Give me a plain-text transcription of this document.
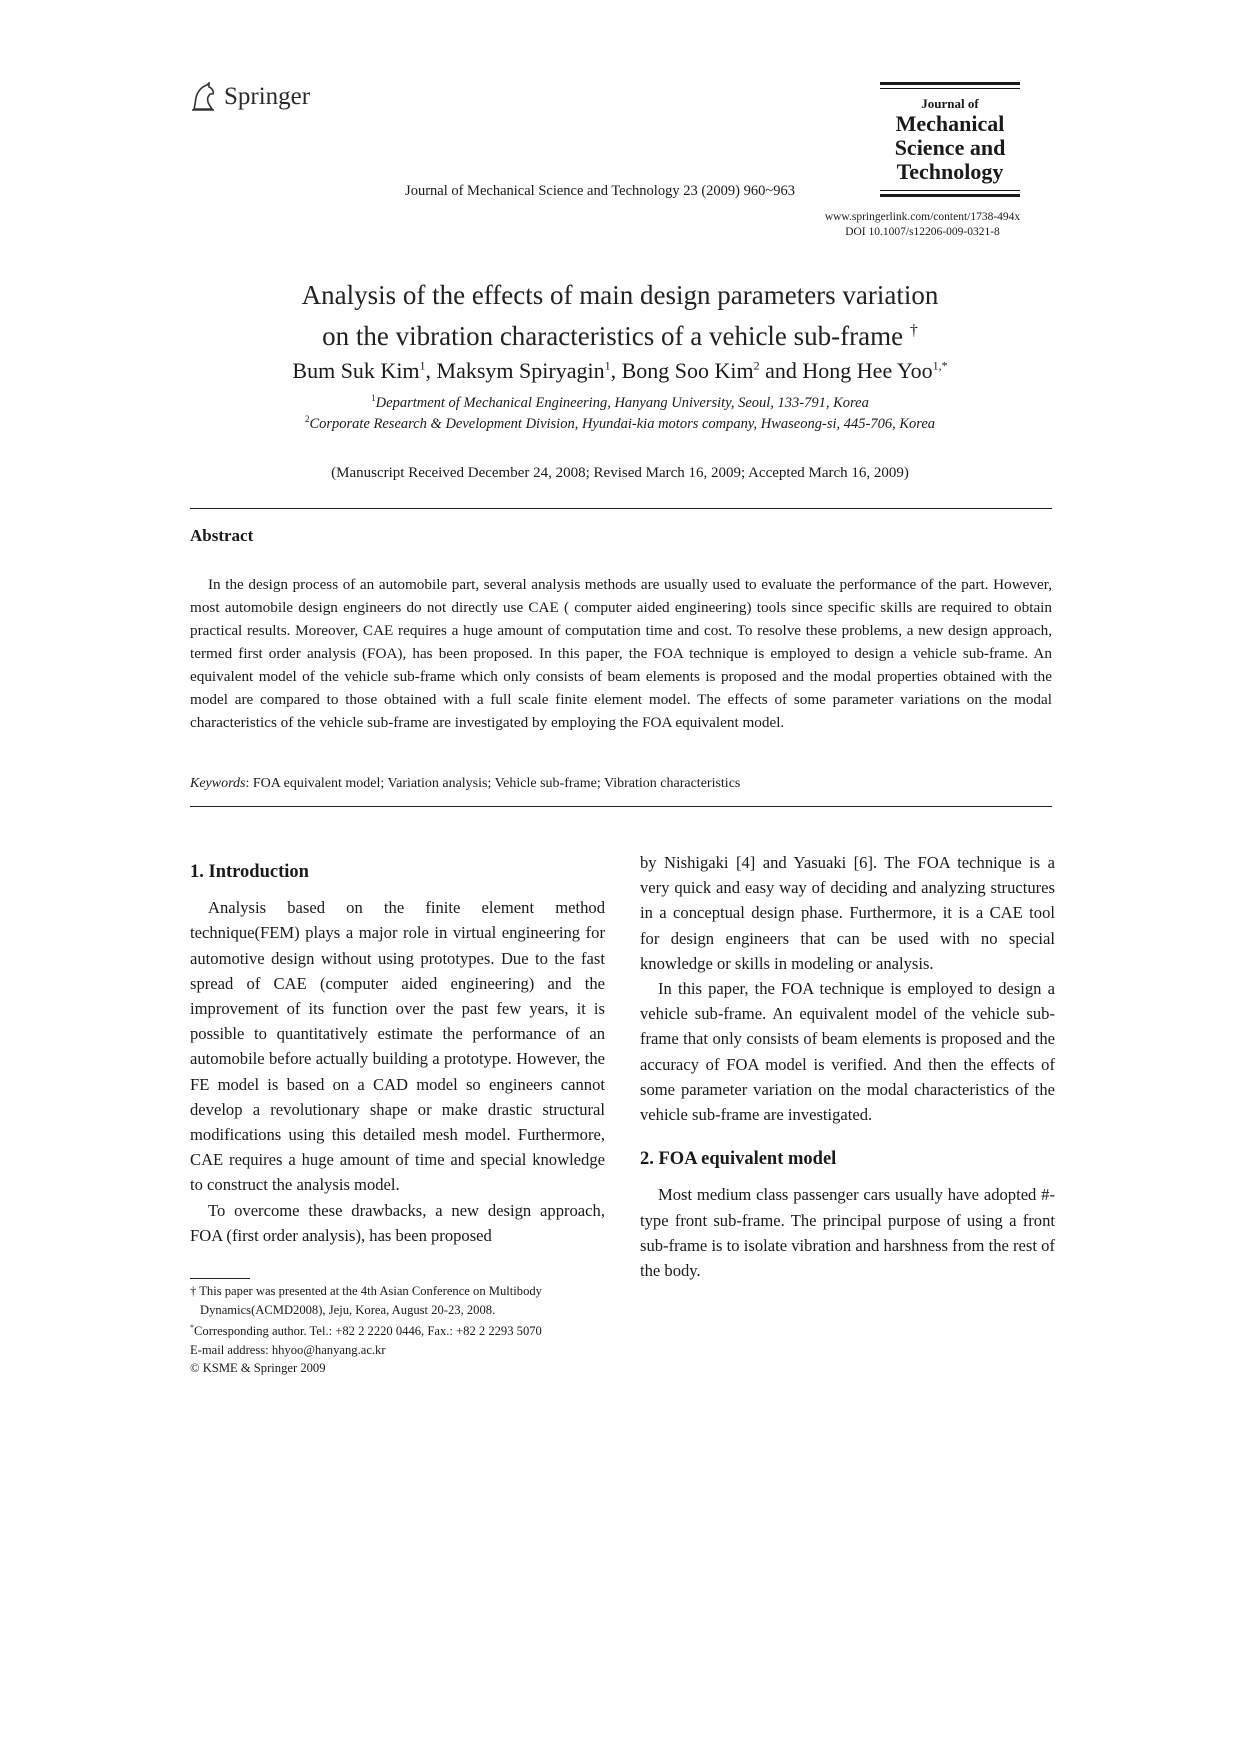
Springer	Journal of
Mechanical
Science and
Technology
Journal of Mechanical Science and Technology 23 (2009) 960~963
www.springerlink.com/content/1738-494x
DOI 10.1007/s12206-009-0321-8
Analysis of the effects of main design parameters variation
on the vibration characteristics of a vehicle sub-frame †
Bum Suk Kim$^1$, Maksym Spiryagin$^1$, Bong Soo Kim$^2$ and Hong Hee Yoo$^{1,*}$
$^1$Department of Mechanical Engineering, Hanyang University, Seoul, 133-791, Korea
$^2$Corporate Research & Development Division, Hyundai-kia motors company, Hwaseong-si, 445-706, Korea
(Manuscript Received December 24, 2008; Revised March 16, 2009; Accepted March 16, 2009)
Abstract
In the design process of an automobile part, several analysis methods are usually used to evaluate the performance of the part. However, most automobile design engineers do not directly use CAE ( computer aided engineering) tools since specific skills are required to obtain practical results. Moreover, CAE requires a huge amount of computation time and cost. To resolve these problems, a new design approach, termed first order analysis (FOA), has been proposed. In this paper, the FOA technique is employed to design a vehicle sub-frame. An equivalent model of the vehicle sub-frame which only consists of beam elements is proposed and the modal properties obtained with the model are compared to those obtained with a full scale finite element model. The effects of some parameter variations on the modal characteristics of the vehicle sub-frame are investigated by employing the FOA equivalent model.
Keywords: FOA equivalent model; Variation analysis; Vehicle sub-frame; Vibration characteristics
1. Introduction

Analysis based on the finite element method technique(FEM) plays a major role in virtual engineering for automotive design without using prototypes. Due to the fast spread of CAE (computer aided engineering) and the improvement of its function over the past few years, it is possible to quantitatively estimate the performance of an automobile before actually building a prototype. However, the FE model is based on a CAD model so engineers cannot develop a revolutionary shape or make drastic structural modifications using this detailed mesh model. Furthermore, CAE requires a huge amount of time and special knowledge to construct the analysis model.

To overcome these drawbacks, a new design approach, FOA (first order analysis), has been proposed

† This paper was presented at the 4th Asian Conference on Multibody Dynamics(ACMD2008), Jeju, Korea, August 20-23, 2008.
*Corresponding author. Tel.: +82 2 2220 0446, Fax.: +82 2 2293 5070
E-mail address: hhyoo@hanyang.ac.kr
© KSME & Springer 2009

by Nishigaki [4] and Yasuaki [6]. The FOA technique is a very quick and easy way of deciding and analyzing structures in a conceptual design phase. Furthermore, it is a CAE tool for design engineers that can be used with no special knowledge or skills in modeling or analysis.

In this paper, the FOA technique is employed to design a vehicle sub-frame. An equivalent model of the vehicle sub-frame that only consists of beam elements is proposed and the accuracy of FOA model is verified. And then the effects of some parameter variation on the modal characteristics of the vehicle sub-frame are investigated.

2. FOA equivalent model

Most medium class passenger cars usually have adopted #-type front sub-frame. The principal purpose of using a front sub-frame is to isolate vibration and harshness from the rest of the body.
